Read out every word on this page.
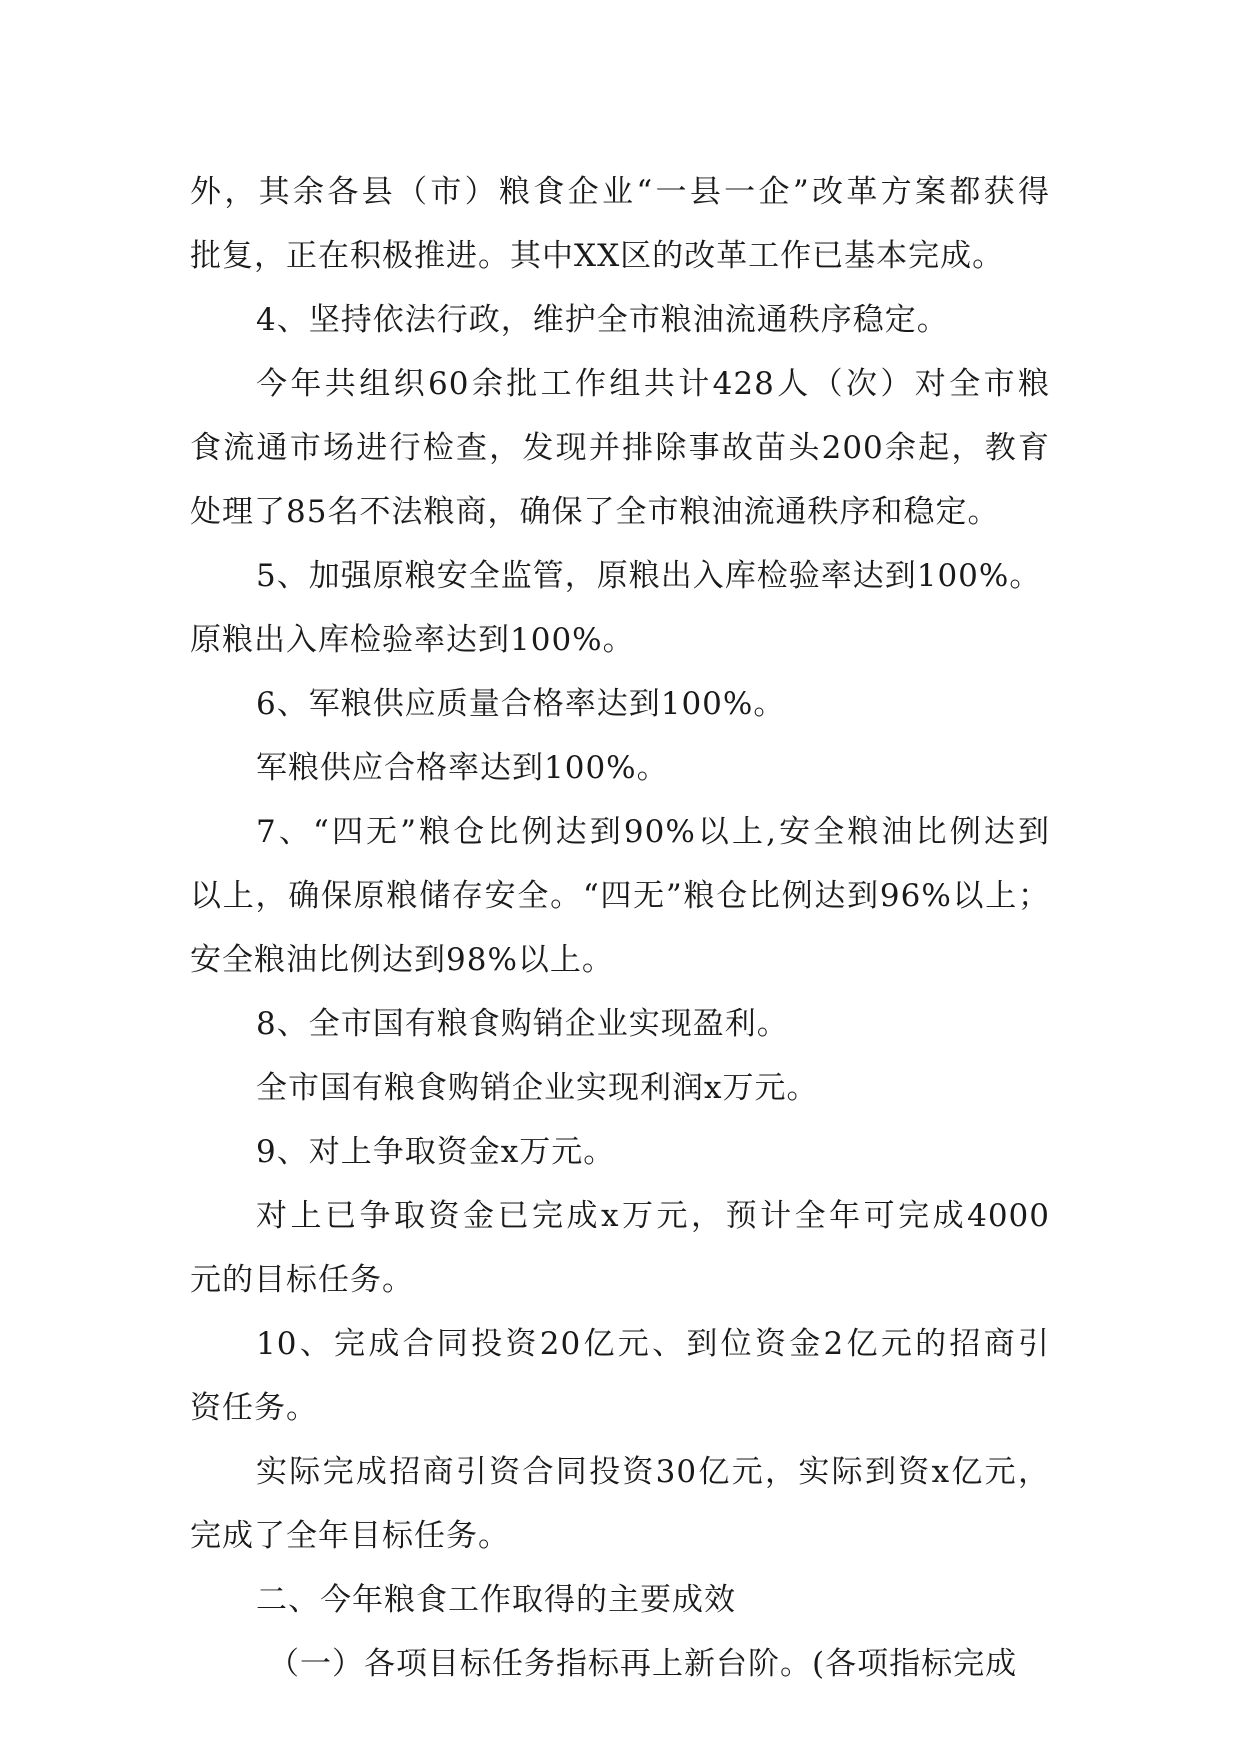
外，其余各县（市）粮食企业“一县一企”改革方案都获得
批复，正在积极推进。其中XX区的改革工作已基本完成。
4、坚持依法行政，维护全市粮油流通秩序稳定。
今年共组织60余批工作组共计428人（次）对全市粮
食流通市场进行检查，发现并排除事故苗头200余起，教育
处理了85名不法粮商，确保了全市粮油流通秩序和稳定。
5、加强原粮安全监管，原粮出入库检验率达到100%。
原粮出入库检验率达到100%。
6、军粮供应质量合格率达到100%。
军粮供应合格率达到100%。
7、“四无”粮仓比例达到90%以上,安全粮油比例达到
以上，确保原粮储存安全。“四无”粮仓比例达到96%以上；
安全粮油比例达到98%以上。
8、全市国有粮食购销企业实现盈利。
全市国有粮食购销企业实现利润x万元。
9、对上争取资金x万元。
对上已争取资金已完成x万元，预计全年可完成4000
元的目标任务。
10、完成合同投资20亿元、到位资金2亿元的招商引
资任务。
实际完成招商引资合同投资30亿元，实际到资x亿元，
完成了全年目标任务。
二、今年粮食工作取得的主要成效
（一）各项目标任务指标再上新台阶。(各项指标完成
